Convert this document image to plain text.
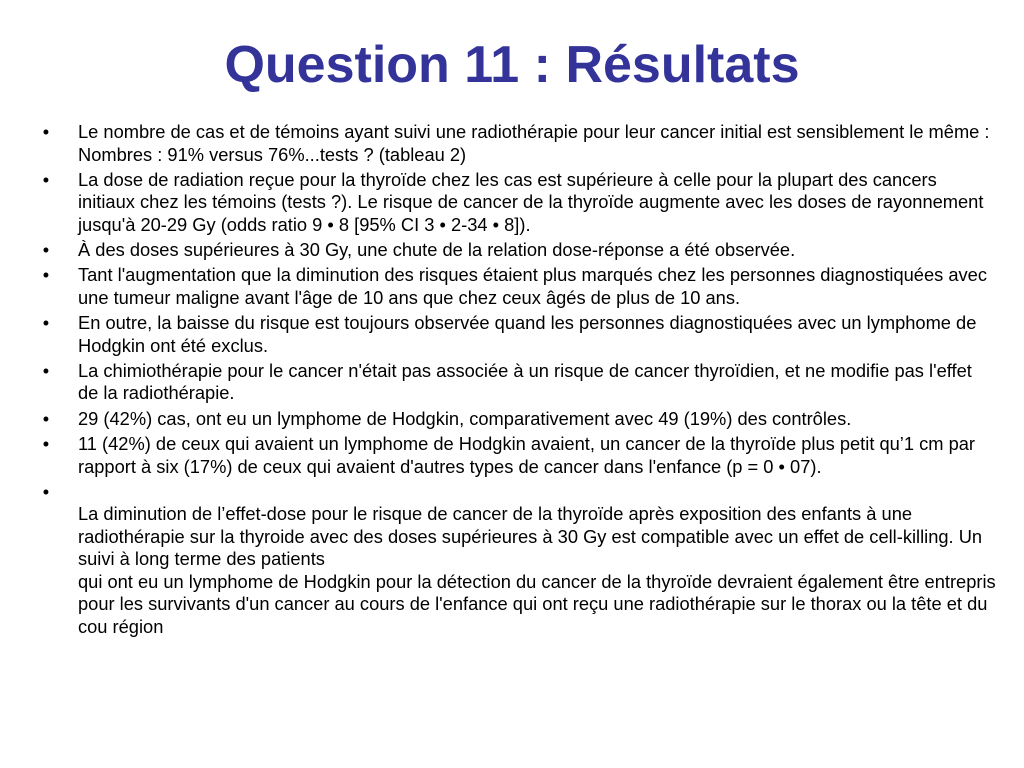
Question 11 : Résultats
•	Le nombre de cas et de témoins ayant suivi une radiothérapie pour leur cancer initial est sensiblement le même : Nombres : 91% versus 76%...tests ? (tableau 2)
•	La dose de radiation reçue pour la thyroïde chez les cas est supérieure à celle pour la plupart des cancers initiaux chez les témoins (tests ?). Le risque de cancer de la thyroïde augmente avec les doses de rayonnement jusqu'à 20-29 Gy (odds ratio 9 • 8 [95% CI 3 • 2-34 • 8]).
•	À des doses supérieures à 30 Gy, une chute de la relation dose-réponse a été observée.
•	Tant l'augmentation que la diminution des risques étaient plus marqués chez les personnes diagnostiquées avec une tumeur maligne avant l'âge de 10 ans que chez ceux âgés de plus de 10 ans.
•	En outre, la baisse du risque est toujours observée quand les personnes diagnostiquées avec un lymphome de Hodgkin ont été exclus.
•	La chimiothérapie pour le cancer n'était pas associée à un risque de cancer thyroïdien, et ne modifie pas l'effet de la radiothérapie.
•	29 (42%) cas, ont eu un lymphome de Hodgkin, comparativement avec 49 (19%) des contrôles.
•	11 (42%) de ceux qui avaient un lymphome de Hodgkin avaient, un cancer de la thyroïde plus petit qu’1 cm par rapport à six (17%) de ceux qui avaient d'autres types de cancer dans l'enfance (p = 0 • 07).
•

La diminution de l’effet-dose pour le risque de cancer de la thyroïde après exposition des enfants à une radiothérapie sur la thyroide avec des doses supérieures à 30 Gy est compatible avec un effet de cell-killing. Un suivi à long terme des patients
qui ont eu un lymphome de Hodgkin pour la détection du cancer de la thyroïde devraient également être entrepris pour les survivants d'un cancer au cours de l'enfance qui ont reçu une radiothérapie sur le thorax ou la tête et du cou région
